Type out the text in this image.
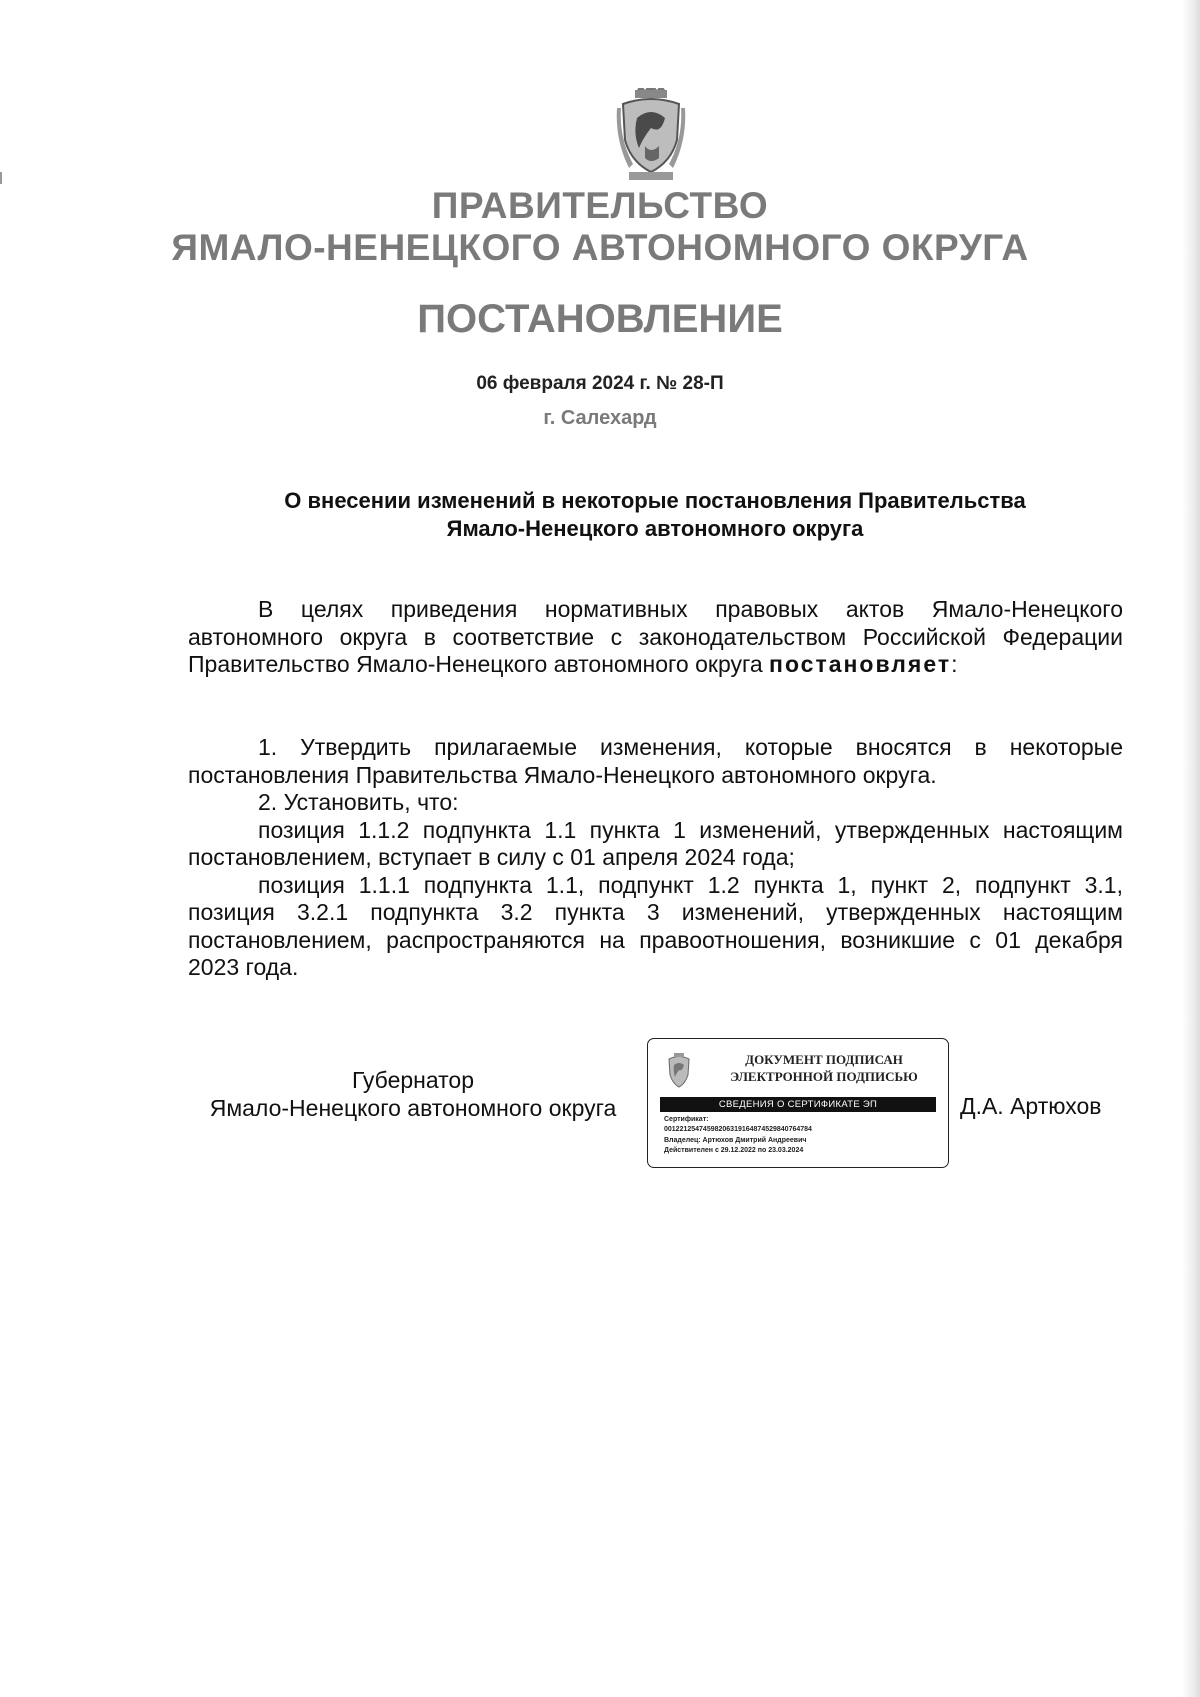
ПРАВИТЕЛЬСТВО
ЯМАЛО-НЕНЕЦКОГО АВТОНОМНОГО ОКРУГА
ПОСТАНОВЛЕНИЕ
06 февраля 2024 г. № 28-П
г. Салехард
О внесении изменений в некоторые постановления Правительства
Ямало-Ненецкого автономного округа

В целях приведения нормативных правовых актов Ямало-Ненецкого автономного округа в соответствие с законодательством Российской Федерации Правительство Ямало-Ненецкого автономного округа постановляет:

1. Утвердить прилагаемые изменения, которые вносятся в некоторые постановления Правительства Ямало-Ненецкого автономного округа.

2. Установить, что:

позиция 1.1.2 подпункта 1.1 пункта 1 изменений, утвержденных настоящим постановлением, вступает в силу с 01 апреля 2024 года;

позиция 1.1.1 подпункта 1.1, подпункт 1.2 пункта 1, пункт 2, подпункт 3.1, позиция 3.2.1 подпункта 3.2 пункта 3 изменений, утвержденных настоящим постановлением, распространяются на правоотношения, возникшие с 01 декабря 2023 года.

Губернатор
Ямало-Ненецкого автономного округа
ДОКУМЕНТ ПОДПИСАН
ЭЛЕКТРОННОЙ ПОДПИСЬЮ
СВЕДЕНИЯ О СЕРТИФИКАТЕ ЭП
Сертификат:
00122125474598206319164874529840764784
Владелец: Артюхов Дмитрий Андреевич
Действителен с 29.12.2022 по 23.03.2024
Д.А. Артюхов
